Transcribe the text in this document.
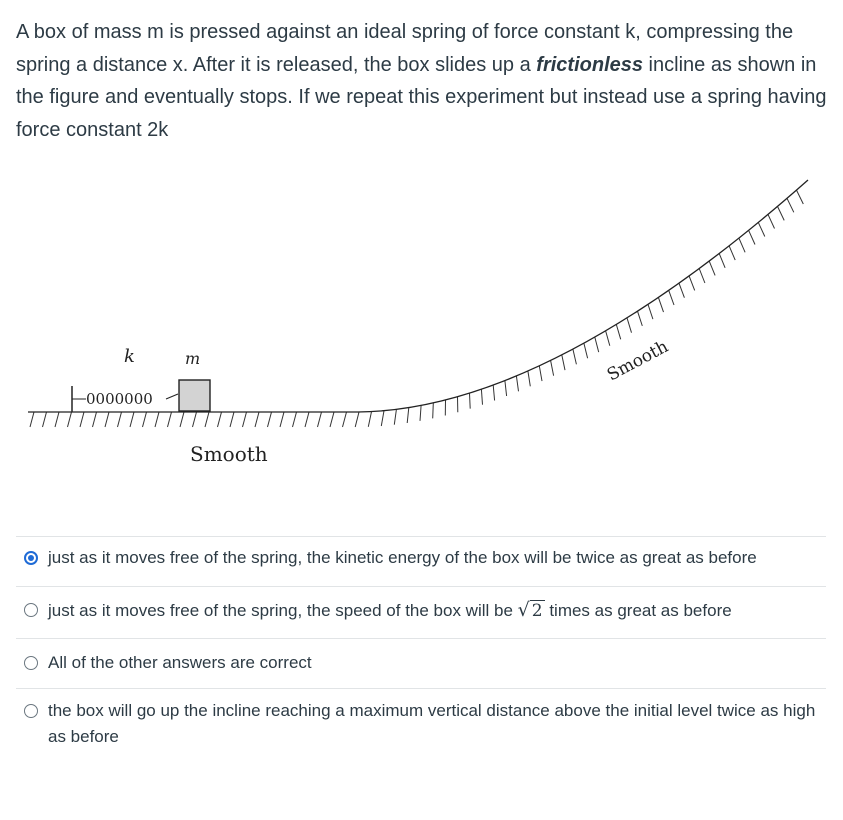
A box of mass m is pressed against an ideal spring of force constant k, compressing the spring a distance x. After it is released, the box slides up a frictionless incline as shown in the figure and eventually stops. If we repeat this experiment but instead use a spring having force constant 2k

0000000
k	m
Smooth
Smooth
just as it moves free of the spring, the kinetic energy of the box will be twice as great as before
just as it moves free of the spring, the speed of the box will be √ 2 times as great as before
All of the other answers are correct
the box will go up the incline reaching a maximum vertical distance above the initial level twice as high as before
